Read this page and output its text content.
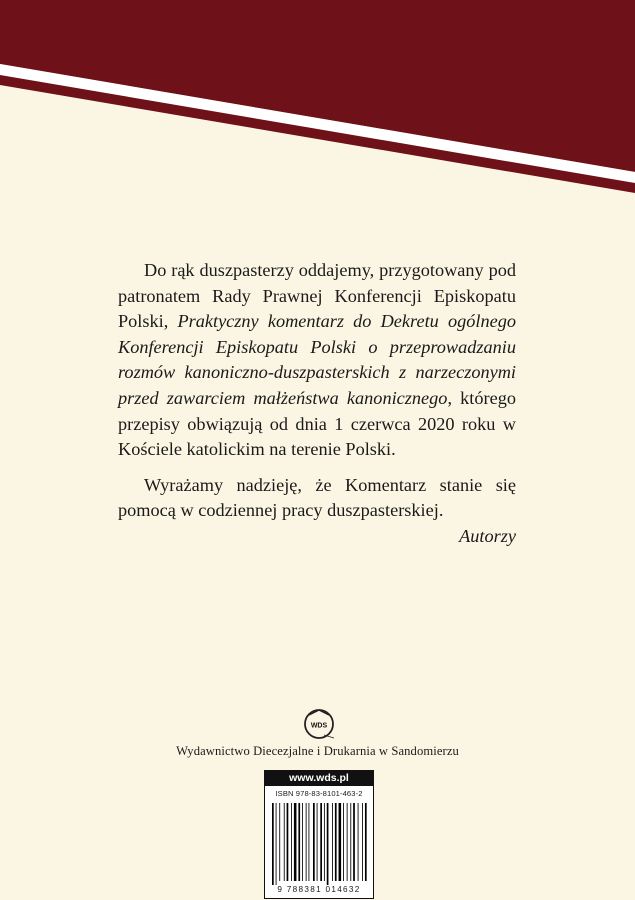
Do rąk duszpasterzy oddajemy, przygotowany pod patronatem Rady Prawnej Konferencji Episkopatu Polski, Praktyczny komentarz do Dekretu ogólnego Konferencji Episkopatu Polski o przeprowadzaniu rozmów kanoniczno-duszpasterskich z narzeczonymi przed zawarciem małżeństwa kanonicznego, którego przepisy obwiązują od dnia 1 czerwca 2020 roku w Kościele katolickim na terenie Polski.

Wyrażamy nadzieję, że Komentarz stanie się pomocą w codziennej pracy duszpasterskiej.

Autorzy
WDS
Wydawnictwo Diecezjalne i Drukarnia w Sandomierzu
www.wds.pl
ISBN 978-83-8101-463-2
9 788381 014632
